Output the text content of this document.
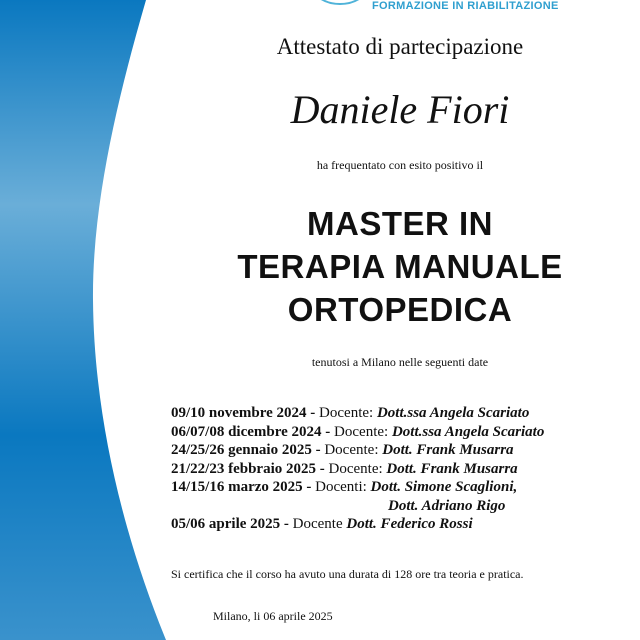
FORMAZIONE IN RIABILITAZIONE
Attestato di partecipazione
Daniele Fiori
ha frequentato con esito positivo il
MASTER IN
TERAPIA MANUALE
ORTOPEDICA
tenutosi a Milano nelle seguenti date
09/10 novembre 2024 - Docente: Dott.ssa Angela Scariato
06/07/08 dicembre 2024 - Docente: Dott.ssa Angela Scariato
24/25/26 gennaio 2025 - Docente: Dott. Frank Musarra
21/22/23 febbraio 2025 - Docente: Dott. Frank Musarra
14/15/16 marzo 2025 - Docenti: Dott. Simone Scaglioni,
Dott. Adriano Rigo
05/06 aprile 2025 - Docente Dott. Federico Rossi
Si certifica che il corso ha avuto una durata di 128 ore tra teoria e pratica.
Milano, li 06 aprile 2025
